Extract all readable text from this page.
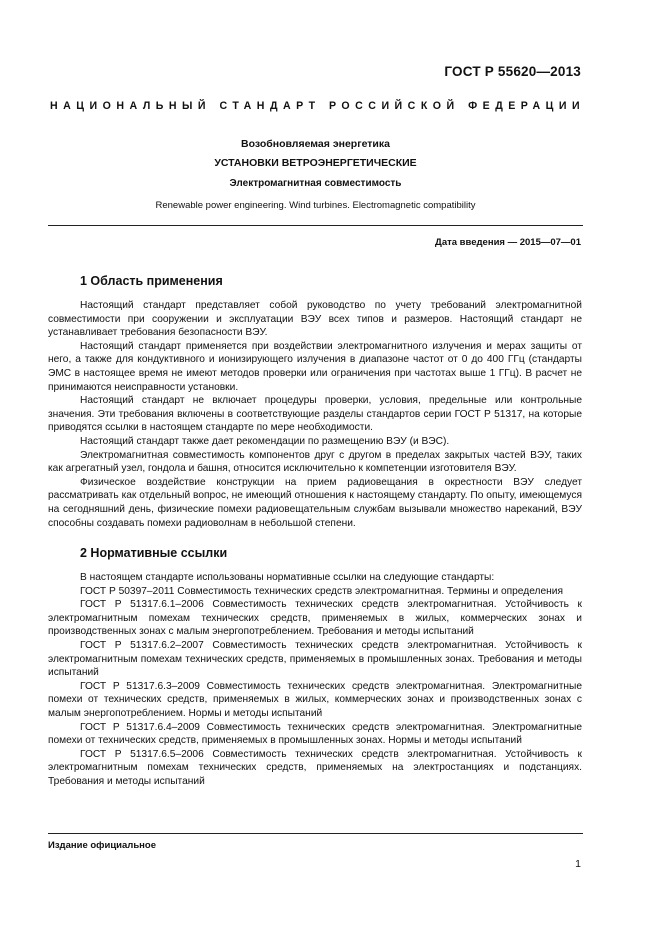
ГОСТ Р 55620—2013
НАЦИОНАЛЬНЫЙ СТАНДАРТ РОССИЙСКОЙ ФЕДЕРАЦИИ
Возобновляемая энергетика
УСТАНОВКИ ВЕТРОЭНЕРГЕТИЧЕСКИЕ
Электромагнитная совместимость
Renewable power engineering. Wind turbines. Electromagnetic compatibility
Дата введения — 2015—07—01
1 Область применения

Настоящий стандарт представляет собой руководство по учету требований электромагнитной совместимости при сооружении и эксплуатации ВЭУ всех типов и размеров. Настоящий стандарт не устанавливает требования безопасности ВЭУ.

Настоящий стандарт применяется при воздействии электромагнитного излучения и мерах защиты от него, а также для кондуктивного и ионизирующего излучения в диапазоне частот от 0 до 400 ГГц (стандарты ЭМС в настоящее время не имеют методов проверки или ограничения при частотах выше 1 ГГц). В расчет не принимаются неисправности установки.

Настоящий стандарт не включает процедуры проверки, условия, предельные или контрольные значения. Эти требования включены в соответствующие разделы стандартов серии ГОСТ Р 51317, на которые приводятся ссылки в настоящем стандарте по мере необходимости.

Настоящий стандарт также дает рекомендации по размещению ВЭУ (и ВЭС).

Электромагнитная совместимость компонентов друг с другом в пределах закрытых частей ВЭУ, таких как агрегатный узел, гондола и башня, относится исключительно к компетенции изготовителя ВЭУ.

Физическое воздействие конструкции на прием радиовещания в окрестности ВЭУ следует рассматривать как отдельный вопрос, не имеющий отношения к настоящему стандарту. По опыту, имеющемуся на сегодняшний день, физические помехи радиовещательным службам вызывали множество нареканий, ВЭУ способны создавать помехи радиоволнам в небольшой степени.

2 Нормативные ссылки

В настоящем стандарте использованы нормативные ссылки на следующие стандарты:

ГОСТ Р 50397–2011 Совместимость технических средств электромагнитная. Термины и определения

ГОСТ Р 51317.6.1–2006 Совместимость технических средств электромагнитная. Устойчивость к электромагнитным помехам технических средств, применяемых в жилых, коммерческих зонах и производственных зонах с малым энергопотреблением. Требования и методы испытаний

ГОСТ Р 51317.6.2–2007 Совместимость технических средств электромагнитная. Устойчивость к электромагнитным помехам технических средств, применяемых в промышленных зонах. Требования и методы испытаний

ГОСТ Р 51317.6.3–2009 Совместимость технических средств электромагнитная. Электромагнитные помехи от технических средств, применяемых в жилых, коммерческих зонах и производственных зонах с малым энергопотреблением. Нормы и методы испытаний

ГОСТ Р 51317.6.4–2009 Совместимость технических средств электромагнитная. Электромагнитные помехи от технических средств, применяемых в промышленных зонах. Нормы и методы испытаний

ГОСТ Р 51317.6.5–2006 Совместимость технических средств электромагнитная. Устойчивость к электромагнитным помехам технических средств, применяемых на электростанциях и подстанциях. Требования и методы испытаний

Издание официальное
1
